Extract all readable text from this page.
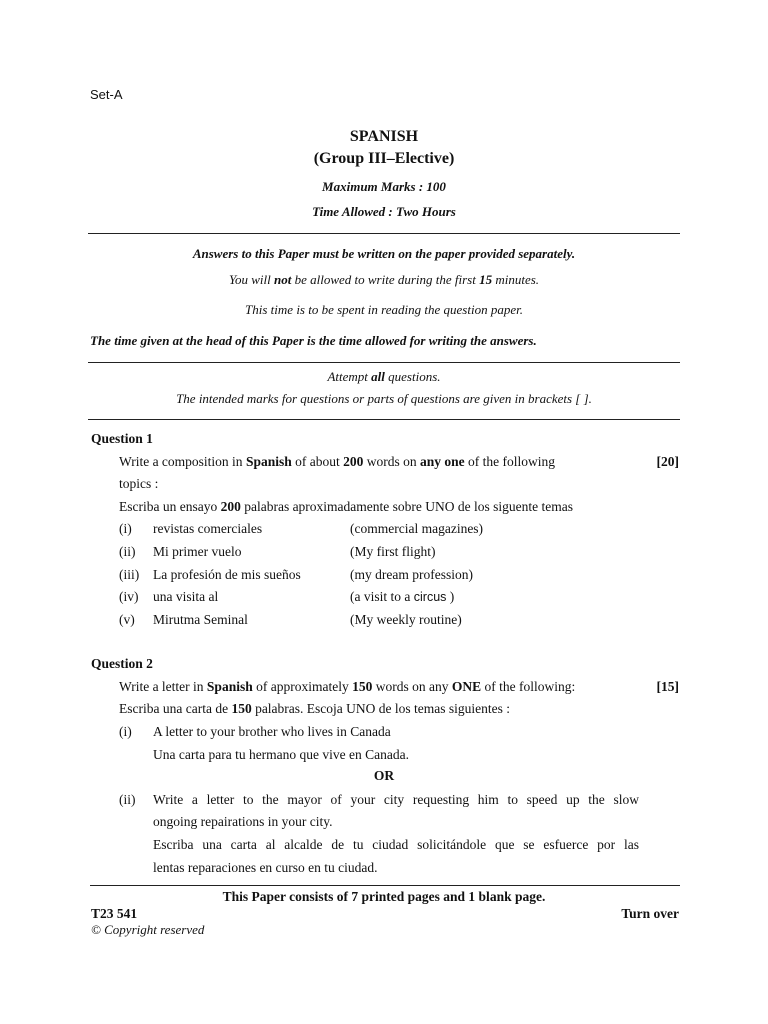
Set-A
SPANISH
(Group III–Elective)
Maximum Marks : 100
Time Allowed : Two Hours
Answers to this Paper must be written on the paper provided separately.
You will not be allowed to write during the first 15 minutes.
This time is to be spent in reading the question paper.
The time given at the head of this Paper is the time allowed for writing the answers.
Attempt all questions.
The intended marks for questions or parts of questions are given in brackets [ ].
Question 1
Write a composition in Spanish of about 200 words on any one of the following	[20]
topics :
Escriba un ensayo 200 palabras aproximadamente sobre UNO de los siguente temas
(i) revistas comerciales	(commercial magazines)
(ii) Mi primer vuelo	(My first flight)
(iii) La profesión de mis sueños	(my dream profession)
(iv) una visita al	(a visit to a circus )
(v) Mirutma Seminal	(My weekly routine)
Question 2
Write a letter in Spanish of approximately 150 words on any ONE of the following:	[15]
Escriba una carta de 150 palabras. Escoja UNO de los temas siguientes :
(i) A letter to your brother who lives in Canada
Una carta para tu hermano que vive en Canada.
OR
(ii) Write a letter to the mayor of your city requesting him to speed up the slow
ongoing repairations in your city.
Escriba una carta al alcalde de tu ciudad solicitándole que se esfuerce por las
lentas reparaciones en curso en tu ciudad.
This Paper consists of 7 printed pages and 1 blank page.
T23 541	Turn over
© Copyright reserved
